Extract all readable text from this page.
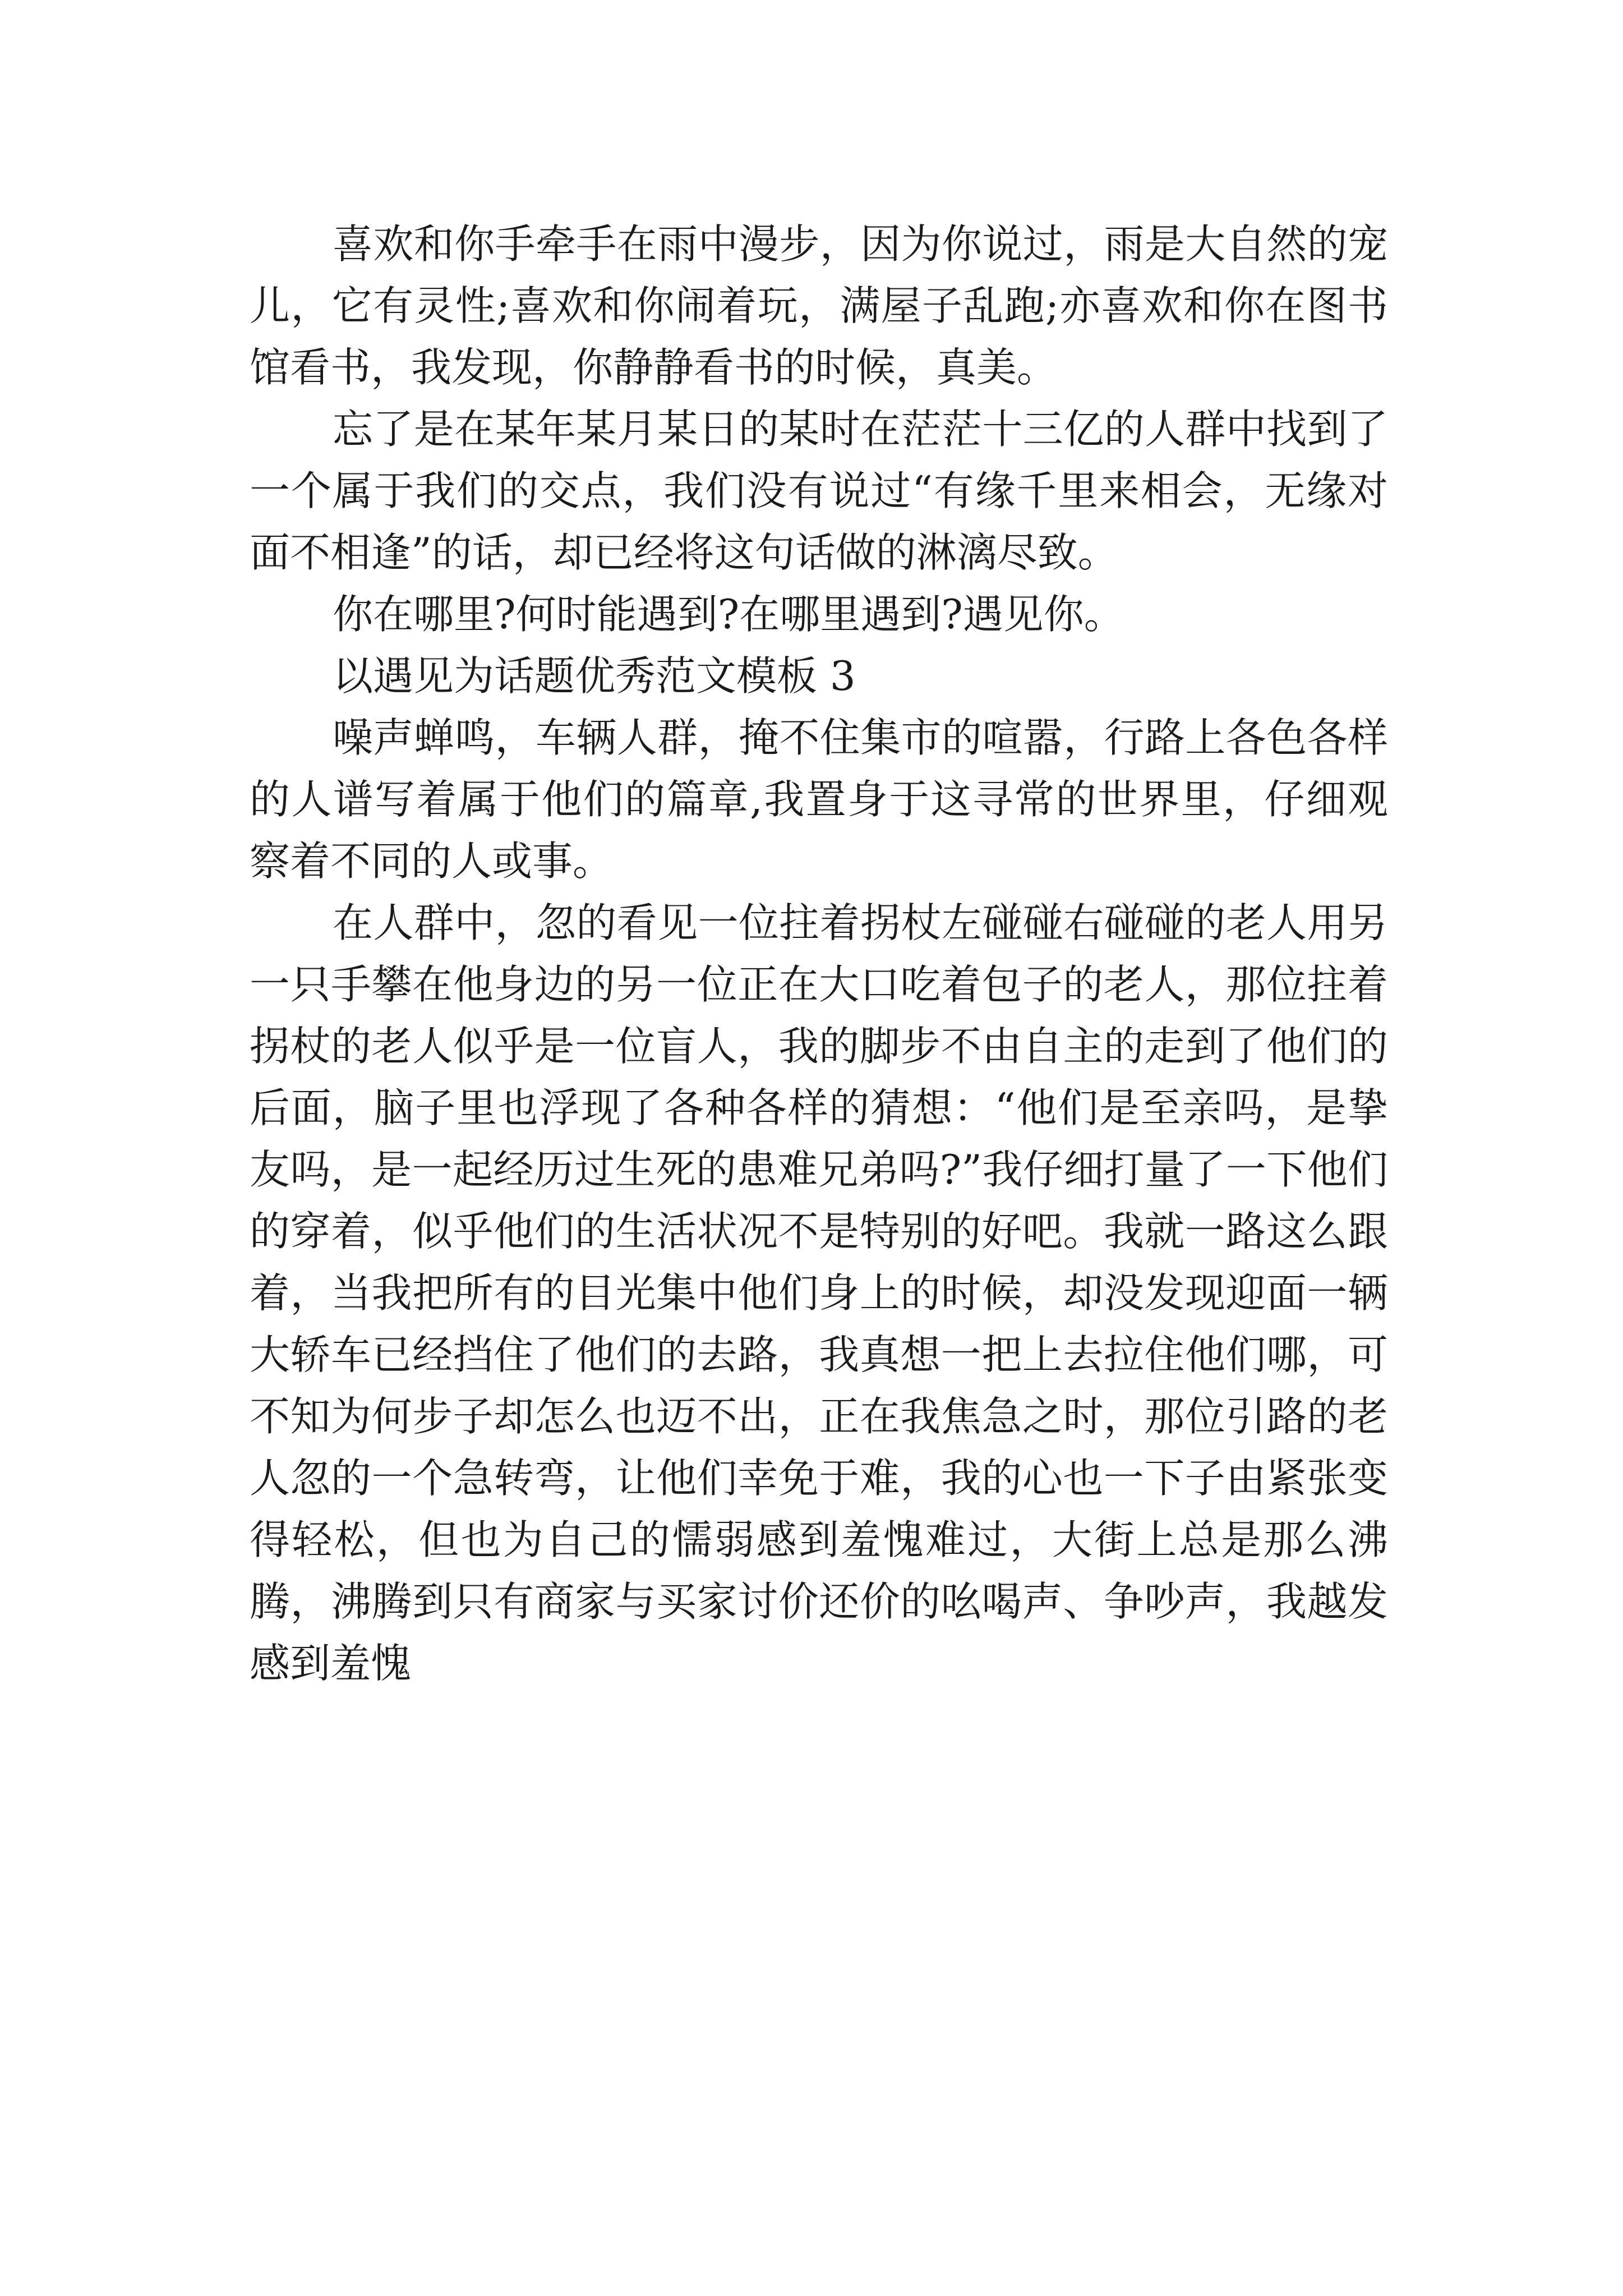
喜欢和你手牵手在雨中漫步，因为你说过，雨是大自然的宠儿，它有灵性;喜欢和你闹着玩，满屋子乱跑;亦喜欢和你在图书馆看书，我发现，你静静看书的时候，真美。

忘了是在某年某月某日的某时在茫茫十三亿的人群中找到了一个属于我们的交点，我们没有说过“有缘千里来相会，无缘对面不相逢”的话，却已经将这句话做的淋漓尽致。

你在哪里?何时能遇到?在哪里遇到?遇见你。

以遇见为话题优秀范文模板 3

噪声蝉鸣，车辆人群，掩不住集市的喧嚣，行路上各色各样的人谱写着属于他们的篇章,我置身于这寻常的世界里，仔细观察着不同的人或事。

在人群中，忽的看见一位拄着拐杖左碰碰右碰碰的老人用另一只手攀在他身边的另一位正在大口吃着包子的老人，那位拄着拐杖的老人似乎是一位盲人，我的脚步不由自主的走到了他们的后面，脑子里也浮现了各种各样的猜想：“他们是至亲吗，是挚友吗，是一起经历过生死的患难兄弟吗?”我仔细打量了一下他们的穿着，似乎他们的生活状况不是特别的好吧。我就一路这么跟着，当我把所有的目光集中他们身上的时候，却没发现迎面一辆大轿车已经挡住了他们的去路，我真想一把上去拉住他们哪，可不知为何步子却怎么也迈不出，正在我焦急之时，那位引路的老人忽的一个急转弯，让他们幸免于难，我的心也一下子由紧张变得轻松，但也为自己的懦弱感到羞愧难过，大街上总是那么沸腾，沸腾到只有商家与买家讨价还价的吆喝声、争吵声，我越发感到羞愧
